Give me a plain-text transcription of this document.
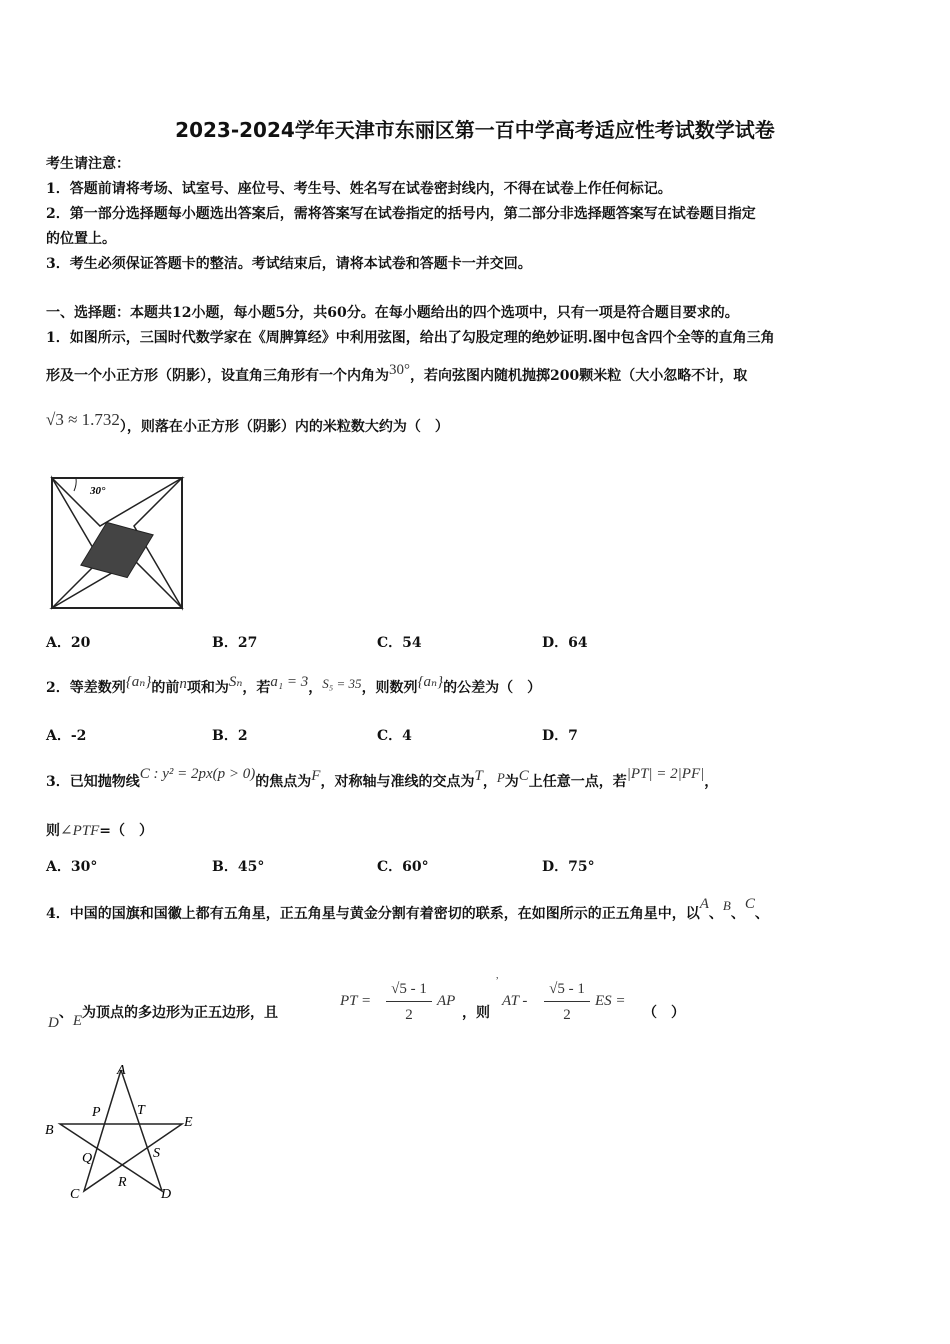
2023-2024学年天津市东丽区第一百中学高考适应性考试数学试卷
考生请注意：
1．答题前请将考场、试室号、座位号、考生号、姓名写在试卷密封线内，不得在试卷上作任何标记。
2．第一部分选择题每小题选出答案后，需将答案写在试卷指定的括号内，第二部分非选择题答案写在试卷题目指定
的位置上。
3．考生必须保证答题卡的整洁。考试结束后，请将本试卷和答题卡一并交回。
一、选择题：本题共12小题，每小题5分，共60分。在每小题给出的四个选项中，只有一项是符合题目要求的。
1．如图所示，三国时代数学家在《周脾算经》中利用弦图，给出了勾股定理的绝妙证明.图中包含四个全等的直角三角
形及一个小正方形（阴影），设直角三角形有一个内角为30°，若向弦图内随机抛掷200颗米粒（大小忽略不计，取
√3 ≈ 1.732），则落在小正方形（阴影）内的米粒数大约为（　）
30°
A．20	B．27	C．54	D．64
2．等差数列{aₙ}的前n项和为Sₙ，若a₁ = 3，S₅ = 35，则数列{aₙ}的公差为（　）
A．-2	B．2	C．4	D．7
3．已知抛物线C : y² = 2px(p > 0)的焦点为F，对称轴与准线的交点为T，P为C上任意一点，若|PT| = 2|PF|，
则∠PTF=（　）
A．30°	B．45°	C．60°	D．75°
4．中国的国旗和国徽上都有五角星，正五角星与黄金分割有着密切的联系，在如图所示的正五角星中，以A、B、C、
D、E为顶点的多边形为正五边形，且
PT =
√5 - 1
2
AP
，则
,
AT -
√5 - 1
2
ES =
（　）
A
B
E
C	D
P	T
Q	S
R
